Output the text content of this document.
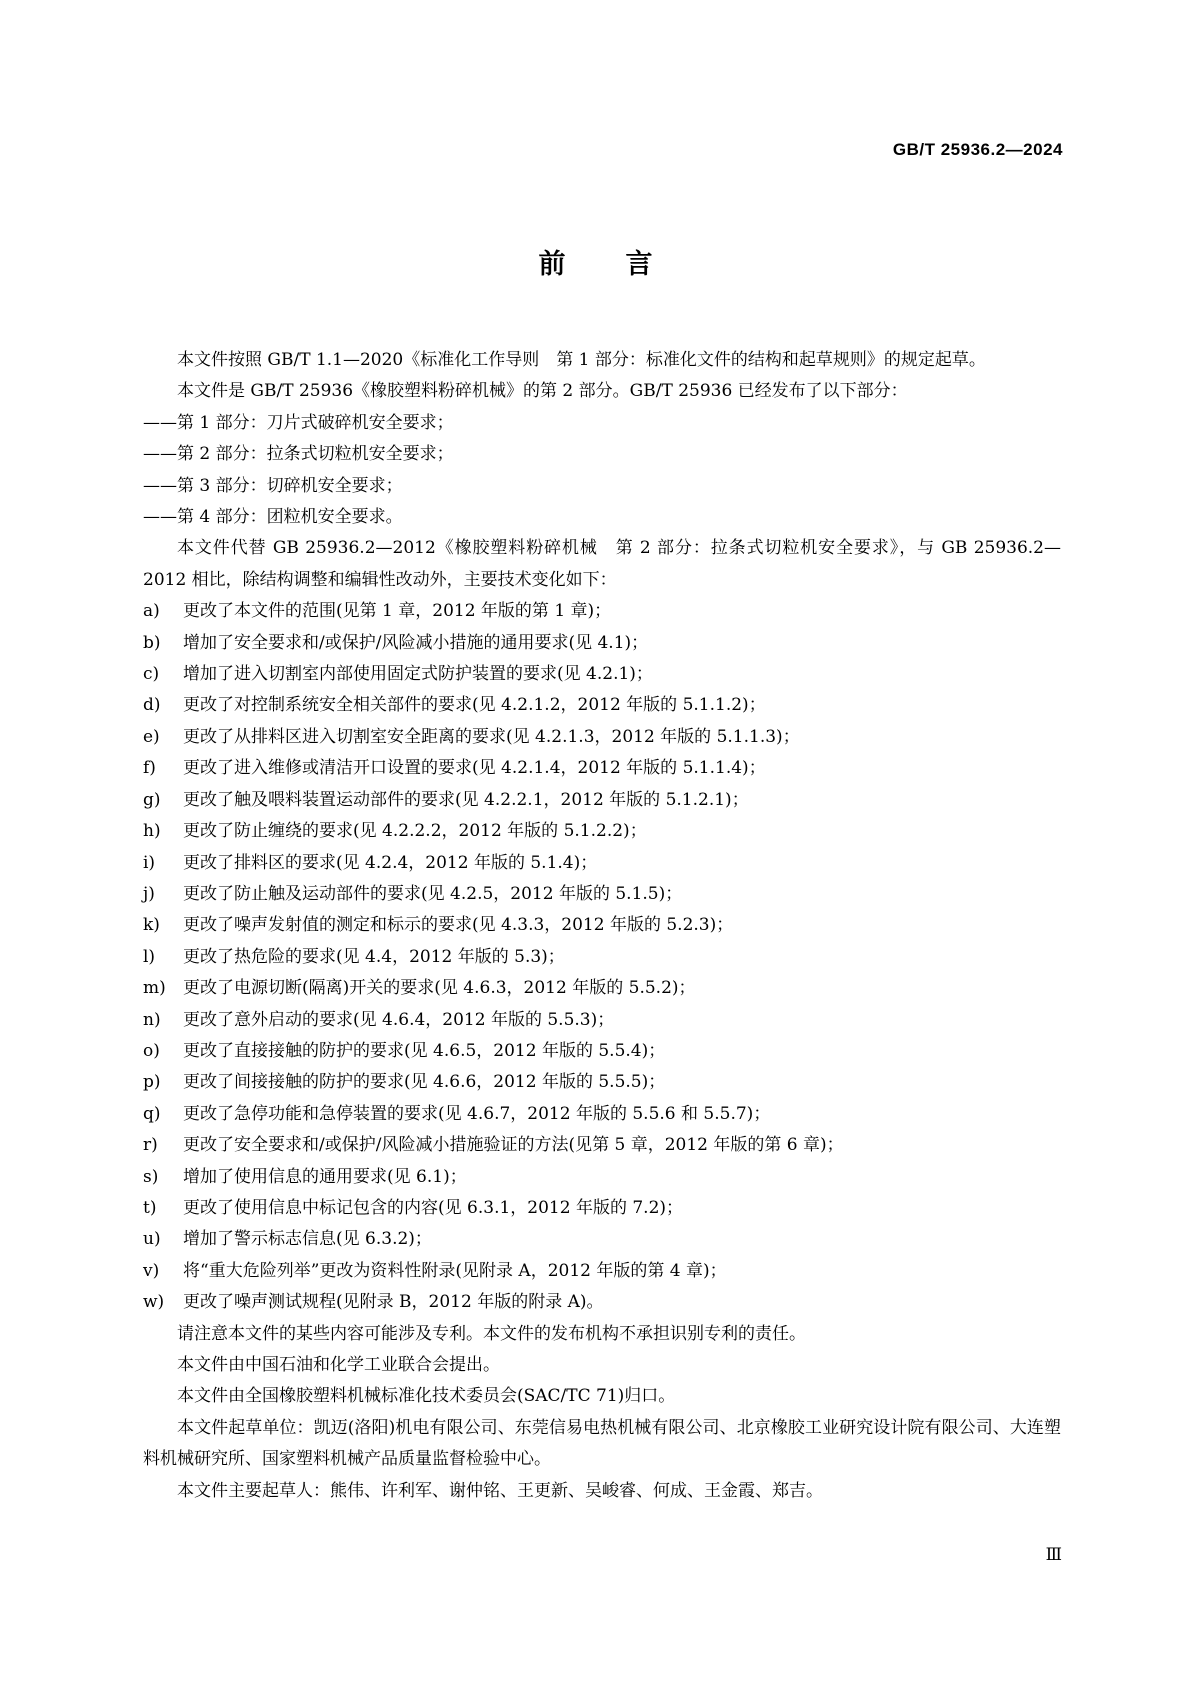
GB/T 25936.2—2024
前言

本文件按照 GB/T 1.1—2020《标准化工作导则　第 1 部分：标准化文件的结构和起草规则》的规定起草。

本文件是 GB/T 25936《橡胶塑料粉碎机械》的第 2 部分。GB/T 25936 已经发布了以下部分：

——第 1 部分：刀片式破碎机安全要求；

——第 2 部分：拉条式切粒机安全要求；

——第 3 部分：切碎机安全要求；

——第 4 部分：团粒机安全要求。

本文件代替 GB 25936.2—2012《橡胶塑料粉碎机械　第 2 部分：拉条式切粒机安全要求》，与 GB 25936.2—2012 相比，除结构调整和编辑性改动外，主要技术变化如下：

a) 更改了本文件的范围(见第 1 章，2012 年版的第 1 章)；

b) 增加了安全要求和/或保护/风险减小措施的通用要求(见 4.1)；

c) 增加了进入切割室内部使用固定式防护装置的要求(见 4.2.1)；

d) 更改了对控制系统安全相关部件的要求(见 4.2.1.2，2012 年版的 5.1.1.2)；

e) 更改了从排料区进入切割室安全距离的要求(见 4.2.1.3，2012 年版的 5.1.1.3)；

f) 更改了进入维修或清洁开口设置的要求(见 4.2.1.4，2012 年版的 5.1.1.4)；

g) 更改了触及喂料装置运动部件的要求(见 4.2.2.1，2012 年版的 5.1.2.1)；

h) 更改了防止缠绕的要求(见 4.2.2.2，2012 年版的 5.1.2.2)；

i) 更改了排料区的要求(见 4.2.4，2012 年版的 5.1.4)；

j) 更改了防止触及运动部件的要求(见 4.2.5，2012 年版的 5.1.5)；

k) 更改了噪声发射值的测定和标示的要求(见 4.3.3，2012 年版的 5.2.3)；

l) 更改了热危险的要求(见 4.4，2012 年版的 5.3)；

m) 更改了电源切断(隔离)开关的要求(见 4.6.3，2012 年版的 5.5.2)；

n) 更改了意外启动的要求(见 4.6.4，2012 年版的 5.5.3)；

o) 更改了直接接触的防护的要求(见 4.6.5，2012 年版的 5.5.4)；

p) 更改了间接接触的防护的要求(见 4.6.6，2012 年版的 5.5.5)；

q) 更改了急停功能和急停装置的要求(见 4.6.7，2012 年版的 5.5.6 和 5.5.7)；

r) 更改了安全要求和/或保护/风险减小措施验证的方法(见第 5 章，2012 年版的第 6 章)；

s) 增加了使用信息的通用要求(见 6.1)；

t) 更改了使用信息中标记包含的内容(见 6.3.1，2012 年版的 7.2)；

u) 增加了警示标志信息(见 6.3.2)；

v) 将“重大危险列举”更改为资料性附录(见附录 A，2012 年版的第 4 章)；

w) 更改了噪声测试规程(见附录 B，2012 年版的附录 A)。

请注意本文件的某些内容可能涉及专利。本文件的发布机构不承担识别专利的责任。

本文件由中国石油和化学工业联合会提出。

本文件由全国橡胶塑料机械标准化技术委员会(SAC/TC 71)归口。

本文件起草单位：凯迈(洛阳)机电有限公司、东莞信易电热机械有限公司、北京橡胶工业研究设计院有限公司、大连塑料机械研究所、国家塑料机械产品质量监督检验中心。

本文件主要起草人：熊伟、许利军、谢仲铭、王更新、吴峻睿、何成、王金霞、郑吉。

Ⅲ
